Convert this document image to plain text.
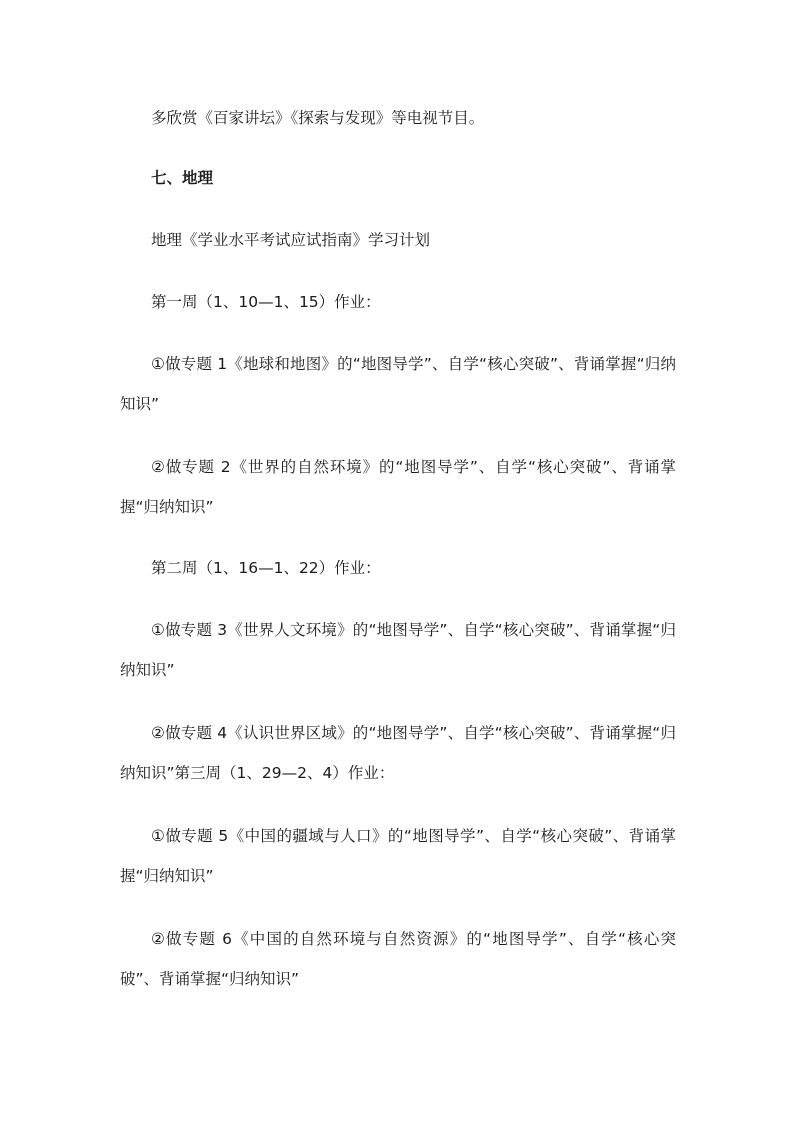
多欣赏《百家讲坛》《探索与发现》等电视节目。

七、地理

地理《学业水平考试应试指南》学习计划

第一周（1、10—1、15）作业：

①做专题 1《地球和地图》的“地图导学”、自学“核心突破”、背诵掌握“归纳知识”

②做专题 2《世界的自然环境》的“地图导学”、自学“核心突破”、背诵掌握“归纳知识”

第二周（1、16—1、22）作业：

①做专题 3《世界人文环境》的“地图导学”、自学“核心突破”、背诵掌握“归纳知识”

②做专题 4《认识世界区域》的“地图导学”、自学“核心突破”、背诵掌握“归纳知识”第三周（1、29—2、4）作业：

①做专题 5《中国的疆域与人口》的“地图导学”、自学“核心突破”、背诵掌握“归纳知识”

②做专题 6《中国的自然环境与自然资源》的“地图导学”、自学“核心突破”、背诵掌握“归纳知识”
